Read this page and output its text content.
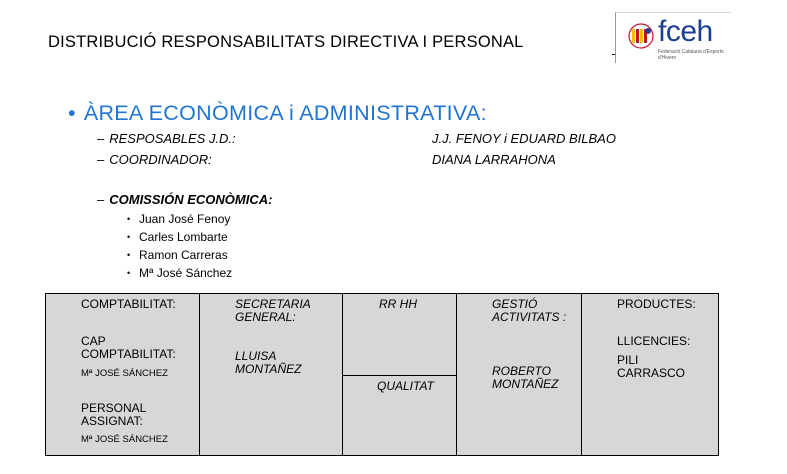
DISTRIBUCIÓ RESPONSABILITATS DIRECTIVA I PERSONAL	fceh
Federació Catalana d'Esports d'Hivern
• ÀREA ECONÒMICA i ADMINISTRATIVA:
– RESPOSABLES J.D.:	J.J. FENOY i EDUARD BILBAO
– COORDINADOR:	DIANA LARRAHONA
– COMISSIÓN ECONÒMICA:
• Juan José Fenoy
• Carles Lombarte
• Ramon Carreras
• Mª José Sánchez
COMPTABILITAT:
CAP COMPTABILITAT:
Mª JOSÉ SÁNCHEZ
PERSONAL ASSIGNAT:
Mª JOSÉ SÁNCHEZ
SECRETARIA GENERAL:
LLUISA MONTAÑEZ
RR HH
QUALITAT
GESTIÓ ACTIVITATS :
ROBERTO MONTAÑEZ
PRODUCTES:
LLICENCIES:
PILI CARRASCO
